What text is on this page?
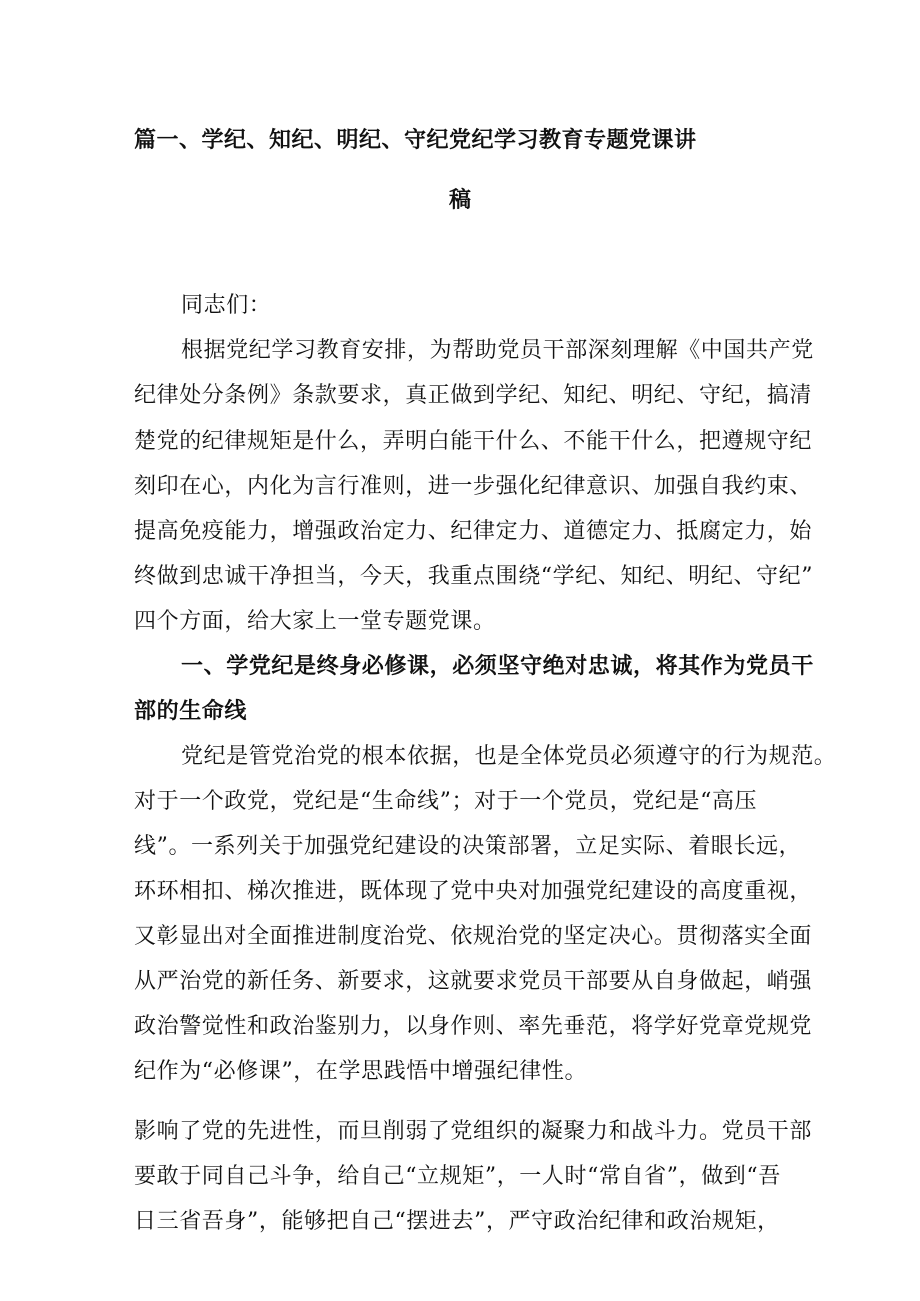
篇一、学纪、知纪、明纪、守纪党纪学习教育专题党课讲
稿
同志们：
根据党纪学习教育安排，为帮助党员干部深刻理解《中国共产党
纪律处分条例》条款要求，真正做到学纪、知纪、明纪、守纪，搞清
楚党的纪律规矩是什么，弄明白能干什么、不能干什么，把遵规守纪
刻印在心，内化为言行准则，进一步强化纪律意识、加强自我约束、
提高免疫能力，增强政治定力、纪律定力、道德定力、抵腐定力，始
终做到忠诚干净担当，今天，我重点围绕“学纪、知纪、明纪、守纪”
四个方面，给大家上一堂专题党课。
一、学党纪是终身必修课，必须坚守绝对忠诚，将其作为党员干
部的生命线
党纪是管党治党的根本依据，也是全体党员必须遵守的行为规范。
对于一个政党，党纪是“生命线”；对于一个党员，党纪是“高压
线”。一系列关于加强党纪建设的决策部署，立足实际、着眼长远，
环环相扣、梯次推进，既体现了党中央对加强党纪建设的高度重视，
又彰显出对全面推进制度治党、依规治党的坚定决心。贯彻落实全面
从严治党的新任务、新要求，这就要求党员干部要从自身做起，峭强
政治警觉性和政治鉴别力，以身作则、率先垂范，将学好党章党规党
纪作为“必修课”，在学思践悟中增强纪律性。
影响了党的先进性，而旦削弱了党组织的凝聚力和战斗力。党员干部
要敢于同自己斗争，给自己“立规矩”，一人时“常自省”，做到“吾
日三省吾身”，能够把自己“摆进去”，严守政治纪律和政治规矩，
